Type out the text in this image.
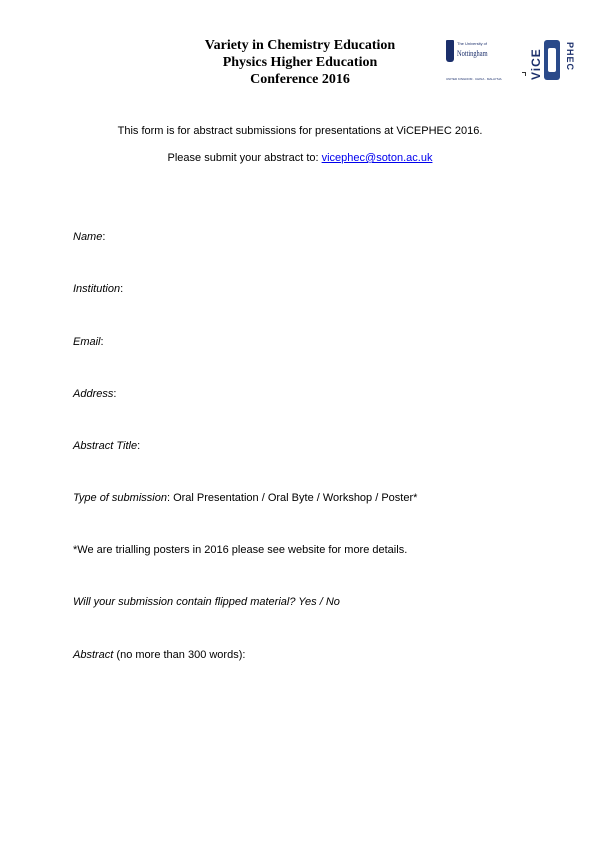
Variety in Chemistry Education
Physics Higher Education
Conference 2016
The University of
Nottingham
UNITED KINGDOM · CHINA · MALAYSIA ViCE PHEC
This form is for abstract submissions for presentations at ViCEPHEC 2016.
Please submit your abstract to: vicephec@soton.ac.uk
Name:
Institution:
Email:
Address:
Abstract Title:
Type of submission: Oral Presentation / Oral Byte / Workshop / Poster*
*We are trialling posters in 2016 please see website for more details.
Will your submission contain flipped material? Yes / No
Abstract (no more than 300 words):
